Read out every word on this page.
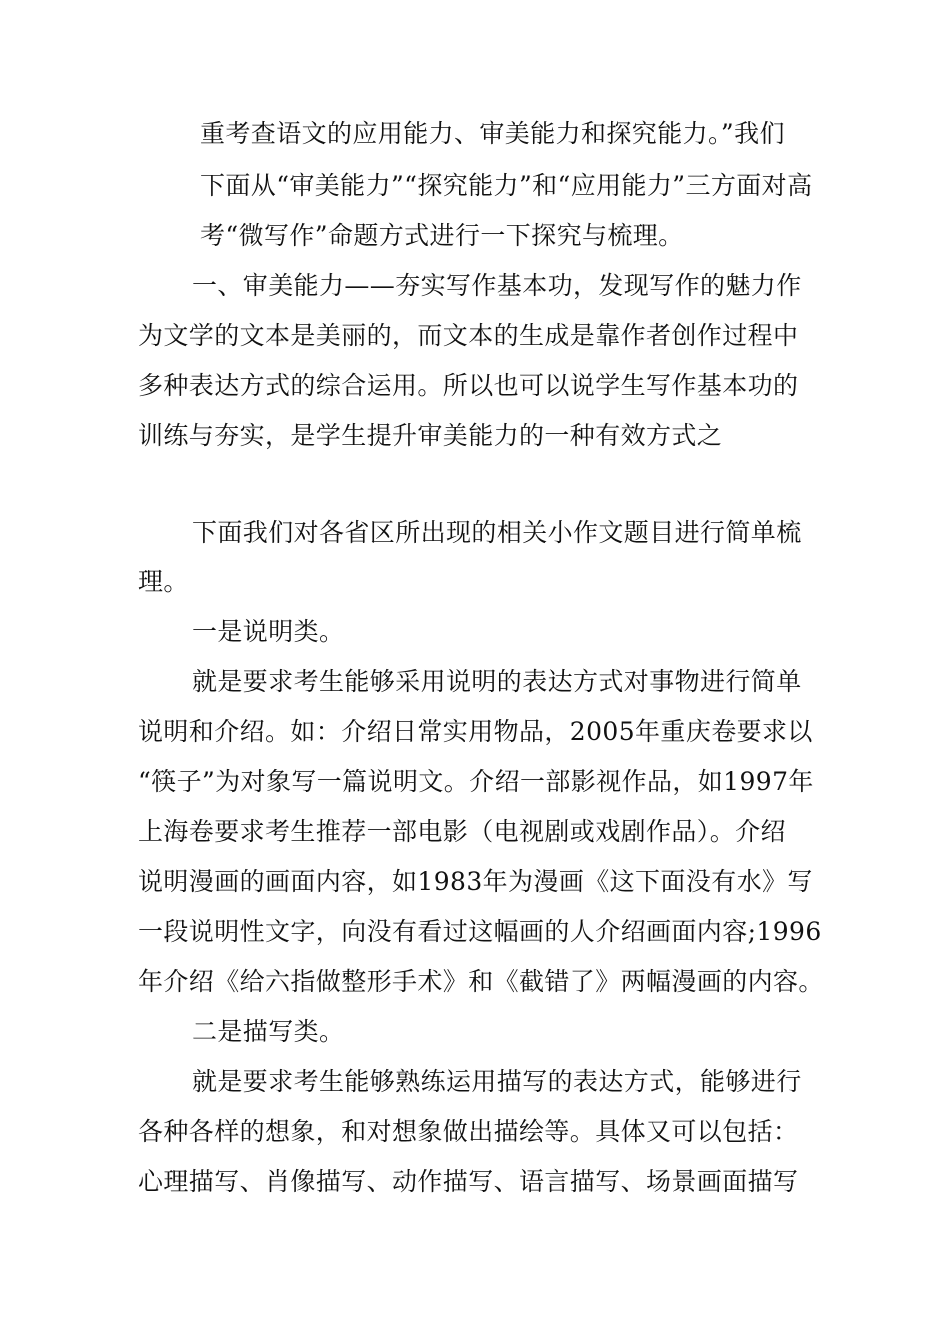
重考查语文的应用能力、审美能力和探究能力。”我们
下面从“审美能力”“探究能力”和“应用能力”三方面对高
考“微写作”命题方式进行一下探究与梳理。
一、审美能力——夯实写作基本功，发现写作的魅力作
为文学的文本是美丽的，而文本的生成是靠作者创作过程中
多种表达方式的综合运用。所以也可以说学生写作基本功的
训练与夯实，是学生提升审美能力的一种有效方式之
下面我们对各省区所出现的相关小作文题目进行简单梳
理。
一是说明类。
就是要求考生能够采用说明的表达方式对事物进行简单
说明和介绍。如：介绍日常实用物品，2005年重庆卷要求以
“筷子”为对象写一篇说明文。介绍一部影视作品，如1997年
上海卷要求考生推荐一部电影（电视剧或戏剧作品）。介绍
说明漫画的画面内容，如1983年为漫画《这下面没有水》写
一段说明性文字，向没有看过这幅画的人介绍画面内容;1996
年介绍《给六指做整形手术》和《截错了》两幅漫画的内容。
二是描写类。
就是要求考生能够熟练运用描写的表达方式，能够进行
各种各样的想象，和对想象做出描绘等。具体又可以包括：
心理描写、肖像描写、动作描写、语言描写、场景画面描写
